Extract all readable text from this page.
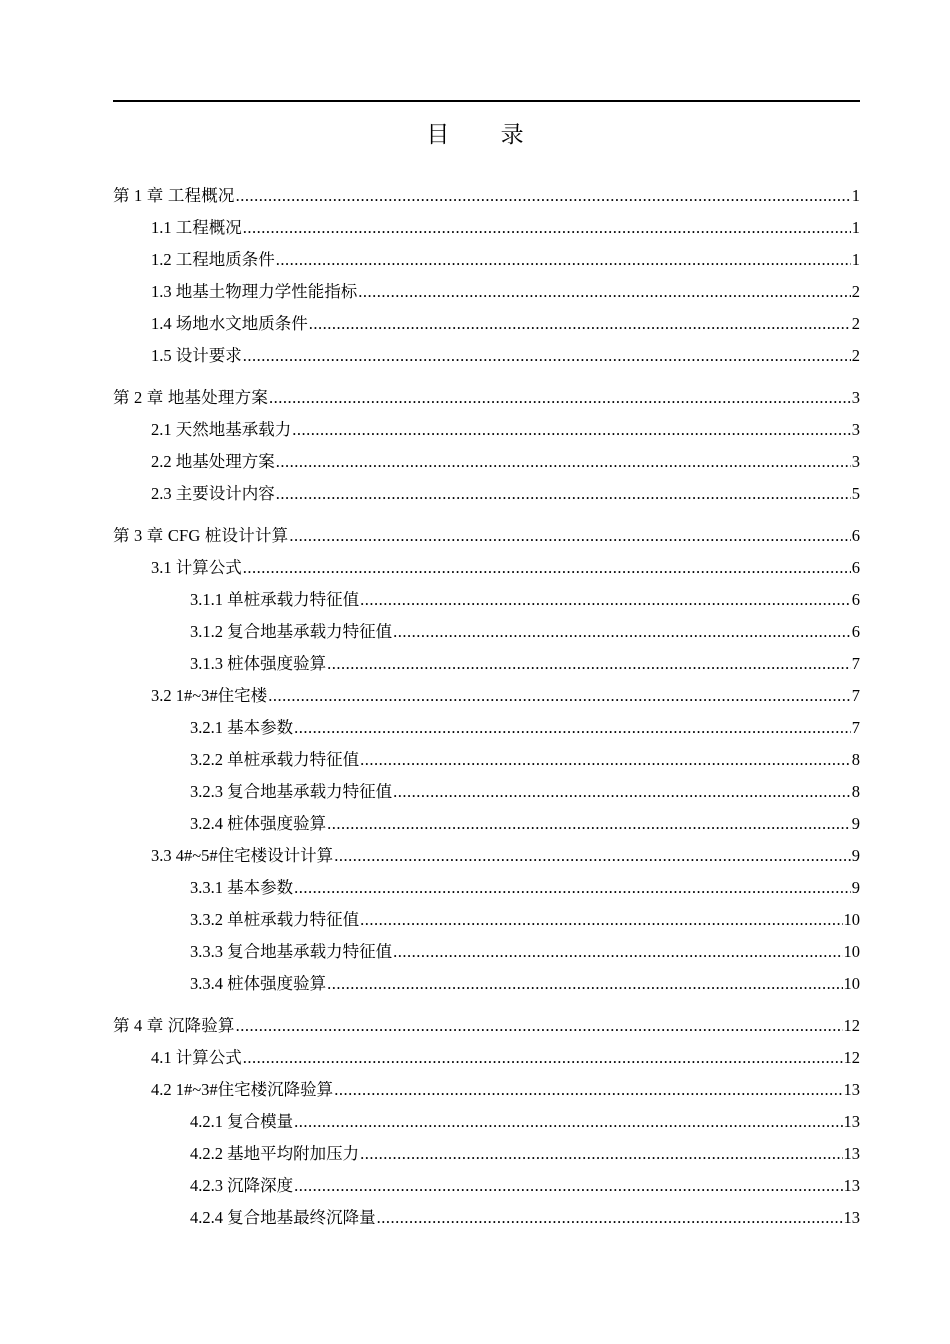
目 录
第 1 章 工程概况 .....	1
1.1 工程概况 .....	1
1.2 工程地质条件 .....	1
1.3 地基土物理力学性能指标 .....	2
1.4 场地水文地质条件 .....	2
1.5 设计要求 .....	2
第 2 章 地基处理方案 .....	3
2.1 天然地基承载力 .....	3
2.2 地基处理方案 .....	3
2.3 主要设计内容 .....	5
第 3 章 CFG 桩设计计算 .....	6
3.1 计算公式 .....	6
3.1.1 单桩承载力特征值 .....	6
3.1.2 复合地基承载力特征值 .....	6
3.1.3 桩体强度验算 .....	7
3.2 1#~3#住宅楼 .....	7
3.2.1 基本参数 .....	7
3.2.2 单桩承载力特征值 .....	8
3.2.3 复合地基承载力特征值 .....	8
3.2.4 桩体强度验算 .....	9
3.3 4#~5#住宅楼设计计算 .....	9
3.3.1 基本参数 .....	9
3.3.2 单桩承载力特征值 .....	10
3.3.3 复合地基承载力特征值 .....	10
3.3.4 桩体强度验算 .....	10
第 4 章 沉降验算 .....	12
4.1 计算公式 .....	12
4.2 1#~3#住宅楼沉降验算 .....	13
4.2.1 复合模量 .....	13
4.2.2 基地平均附加压力 .....	13
4.2.3 沉降深度 .....	13
4.2.4 复合地基最终沉降量 .....	13
